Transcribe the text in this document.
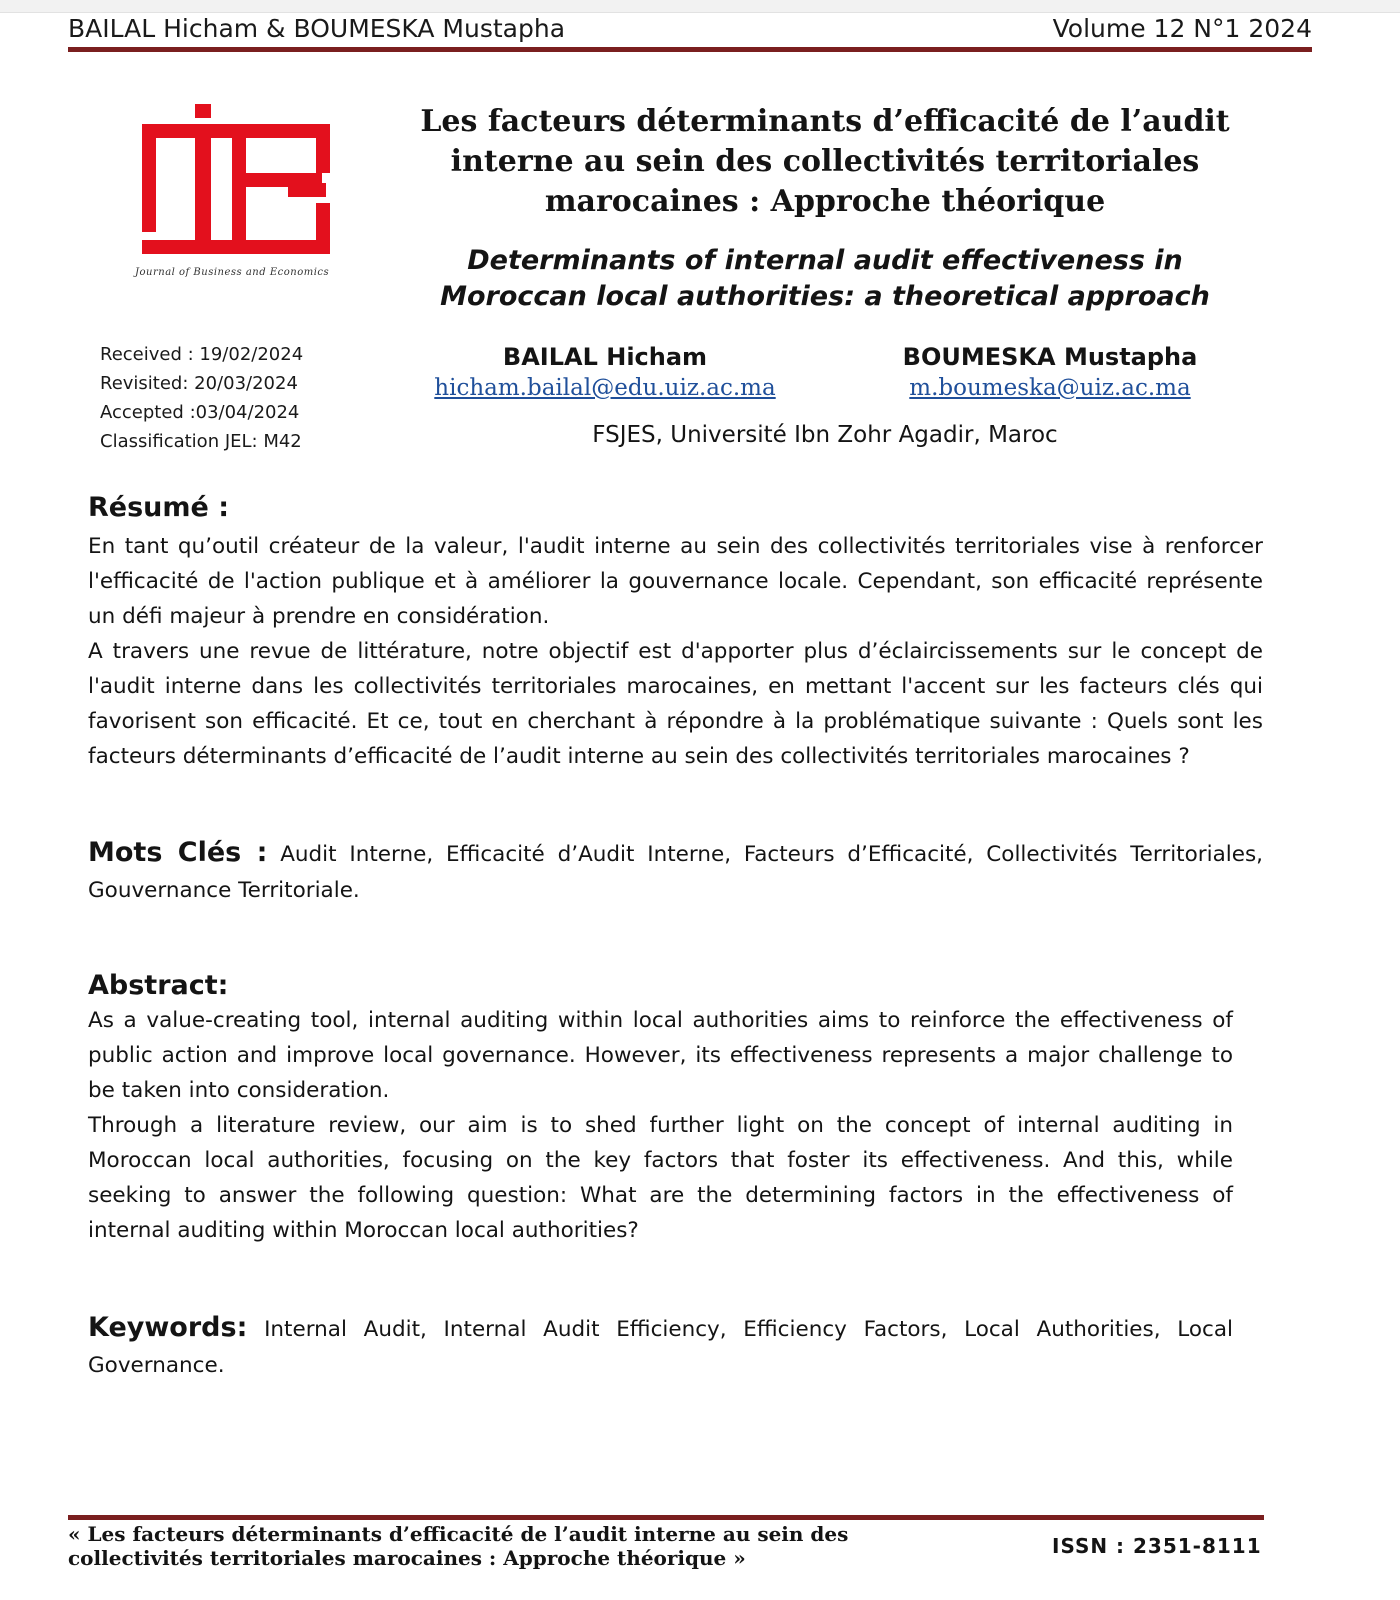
BAILAL Hicham & BOUMESKA Mustapha	Volume 12 N°1 2024
Journal of Business and Economics
Les facteurs déterminants d’efficacité de l’audit interne au sein des collectivités territoriales marocaines : Approche théorique
Determinants of internal audit effectiveness in Moroccan local authorities: a theoretical approach
Received : 19/02/2024
Revisited: 20/03/2024
Accepted :03/04/2024
Classification JEL: M42
BAILAL Hicham
hicham.bailal@edu.uiz.ac.ma
BOUMESKA Mustapha
m.boumeska@uiz.ac.ma
FSJES, Université Ibn Zohr Agadir, Maroc
Résumé :

En tant qu’outil créateur de la valeur, l'audit interne au sein des collectivités territoriales vise à renforcer l'efficacité de l'action publique et à améliorer la gouvernance locale. Cependant, son efficacité représente un défi majeur à prendre en considération.

A travers une revue de littérature, notre objectif est d'apporter plus d’éclaircissements sur le concept de l'audit interne dans les collectivités territoriales marocaines, en mettant l'accent sur les facteurs clés qui favorisent son efficacité. Et ce, tout en cherchant à répondre à la problématique suivante : Quels sont les facteurs déterminants d’efficacité de l’audit interne au sein des collectivités territoriales marocaines ?

Mots Clés : Audit Interne, Efficacité d’Audit Interne, Facteurs d’Efficacité, Collectivités Territoriales, Gouvernance Territoriale.
Abstract:

As a value-creating tool, internal auditing within local authorities aims to reinforce the effectiveness of public action and improve local governance. However, its effectiveness represents a major challenge to be taken into consideration.

Through a literature review, our aim is to shed further light on the concept of internal auditing in Moroccan local authorities, focusing on the key factors that foster its effectiveness. And this, while seeking to answer the following question: What are the determining factors in the effectiveness of internal auditing within Moroccan local authorities?

Keywords: Internal Audit, Internal Audit Efficiency, Efficiency Factors, Local Authorities, Local Governance.
« Les facteurs déterminants d’efficacité de l’audit interne au sein des collectivités territoriales marocaines : Approche théorique »	ISSN : 2351-8111
